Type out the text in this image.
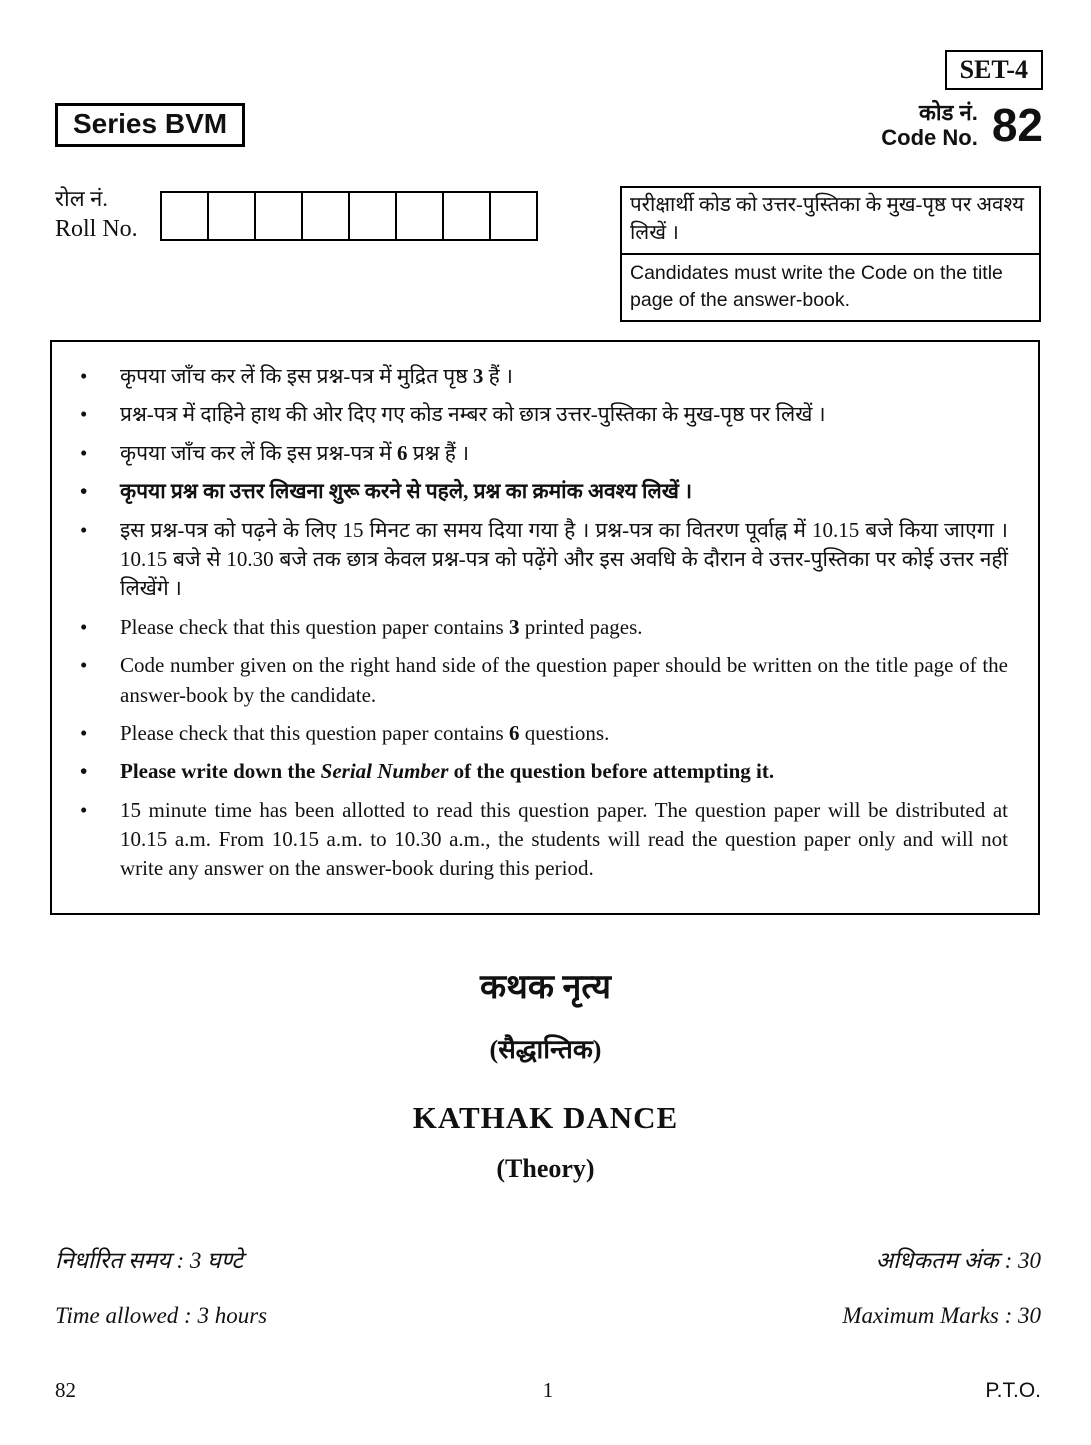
SET-4
Series BVM	कोड नं.
Code No. 82
रोल नं.
Roll No.
परीक्षार्थी कोड को उत्तर-पुस्तिका के मुख-पृष्ठ पर अवश्य लिखें ।
Candidates must write the Code on the title page of the answer-book.
• कृपया जाँच कर लें कि इस प्रश्न-पत्र में मुद्रित पृष्ठ 3 हैं ।
• प्रश्न-पत्र में दाहिने हाथ की ओर दिए गए कोड नम्बर को छात्र उत्तर-पुस्तिका के मुख-पृष्ठ पर लिखें ।
• कृपया जाँच कर लें कि इस प्रश्न-पत्र में 6 प्रश्न हैं ।
• कृपया प्रश्न का उत्तर लिखना शुरू करने से पहले, प्रश्न का क्रमांक अवश्य लिखें ।
• इस प्रश्न-पत्र को पढ़ने के लिए 15 मिनट का समय दिया गया है । प्रश्न-पत्र का वितरण पूर्वाह्न में 10.15 बजे किया जाएगा । 10.15 बजे से 10.30 बजे तक छात्र केवल प्रश्न-पत्र को पढ़ेंगे और इस अवधि के दौरान वे उत्तर-पुस्तिका पर कोई उत्तर नहीं लिखेंगे ।
• Please check that this question paper contains 3 printed pages.
• Code number given on the right hand side of the question paper should be written on the title page of the answer-book by the candidate.
• Please check that this question paper contains 6 questions.
• Please write down the Serial Number of the question before attempting it.
• 15 minute time has been allotted to read this question paper. The question paper will be distributed at 10.15 a.m. From 10.15 a.m. to 10.30 a.m., the students will read the question paper only and will not write any answer on the answer-book during this period.
कथक नृत्य
(सैद्धान्तिक)
KATHAK DANCE
(Theory)
निर्धारित समय : 3 घण्टे	अधिकतम अंक : 30
Time allowed : 3 hours	Maximum Marks : 30
82	1	P.T.O.
